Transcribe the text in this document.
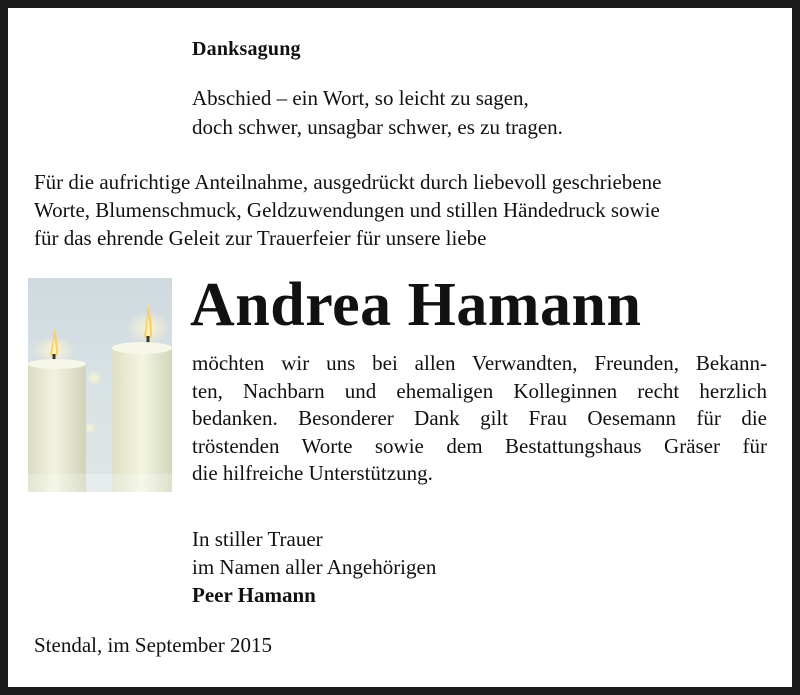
Danksagung
Abschied – ein Wort, so leicht zu sagen,
doch schwer, unsagbar schwer, es zu tragen.
Für die aufrichtige Anteilnahme, ausgedrückt durch liebevoll geschriebene
Worte, Blumenschmuck, Geldzuwendungen und stillen Händedruck sowie
für das ehrende Geleit zur Trauerfeier für unsere liebe
Andrea Hamann
möchten wir uns bei allen Verwandten, Freunden, Bekann-
ten, Nachbarn und ehemaligen Kolleginnen recht herzlich
bedanken. Besonderer Dank gilt Frau Oesemann für die
tröstenden Worte sowie dem Bestattungshaus Gräser für
die hilfreiche Unterstützung.
In stiller Trauer
im Namen aller Angehörigen
Peer Hamann
Stendal, im September 2015
